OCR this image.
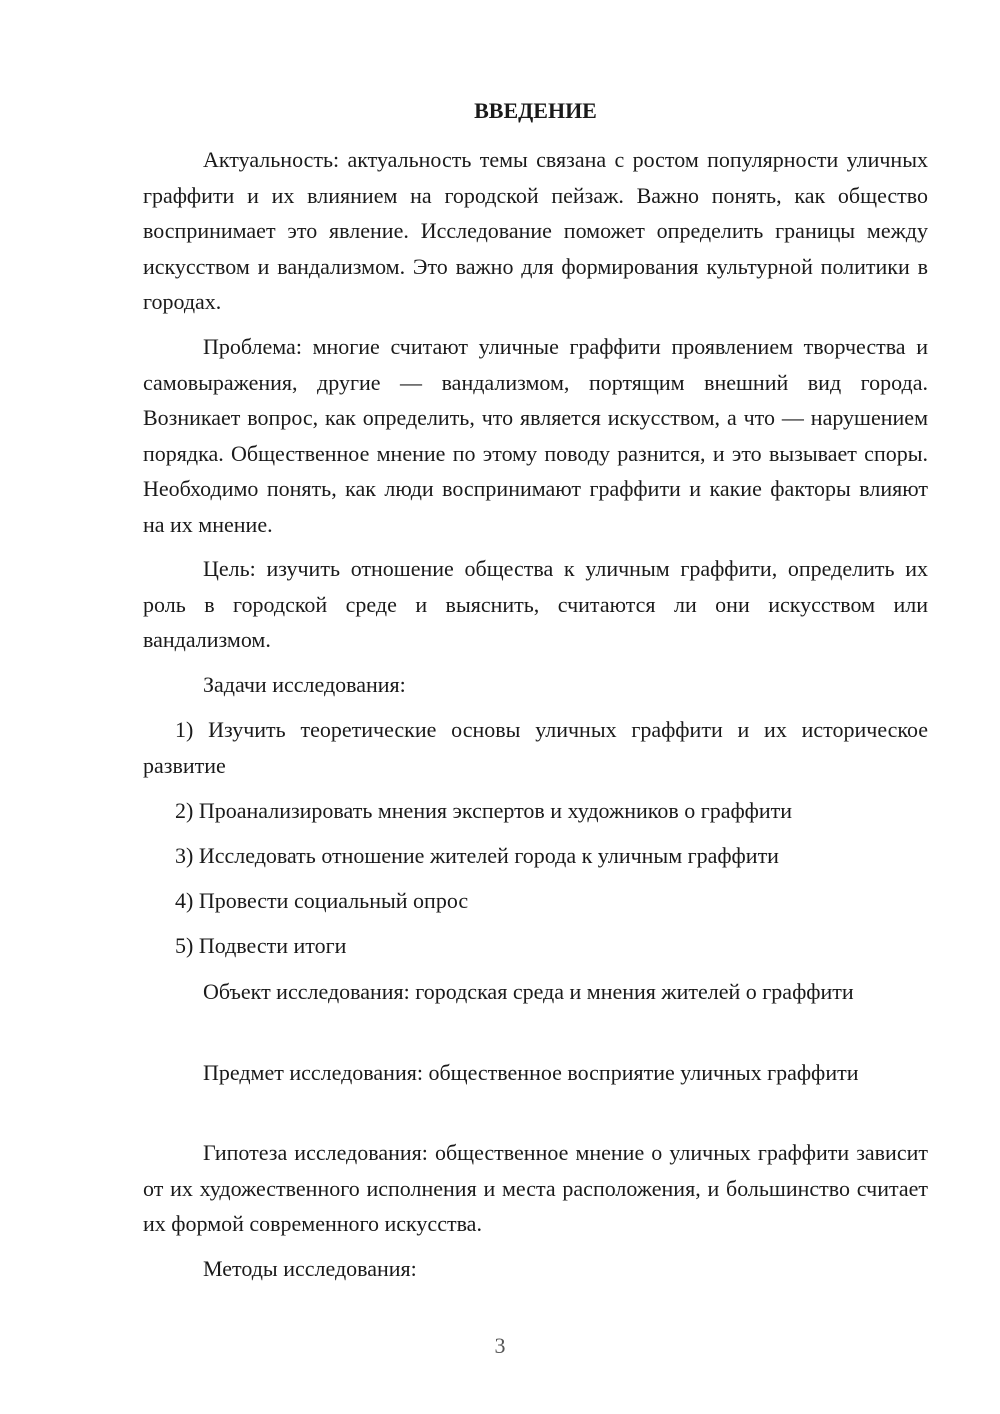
ВВЕДЕНИЕ

Актуальность: актуальность темы связана с ростом популярности уличных граффити и их влиянием на городской пейзаж. Важно понять, как общество воспринимает это явление. Исследование поможет определить границы между искусством и вандализмом. Это важно для формирования культурной политики в городах.

Проблема: многие считают уличные граффити проявлением творчества и самовыражения, другие — вандализмом, портящим внешний вид города. Возникает вопрос, как определить, что является искусством, а что — нарушением порядка. Общественное мнение по этому поводу разнится, и это вызывает споры. Необходимо понять, как люди воспринимают граффити и какие факторы влияют на их мнение.

Цель: изучить отношение общества к уличным граффити, определить их роль в городской среде и выяснить, считаются ли они искусством или вандализмом.

Задачи исследования:

1) Изучить теоретические основы уличных граффити и их историческое развитие

2) Проанализировать мнения экспертов и художников о граффити

3) Исследовать отношение жителей города к уличным граффити

4) Провести социальный опрос

5) Подвести итоги

Объект исследования: городская среда и мнения жителей о граффити

Предмет исследования: общественное восприятие уличных граффити

Гипотеза исследования: общественное мнение о уличных граффити зависит от их художественного исполнения и места расположения, и большинство считает их формой современного искусства.

Методы исследования:

3
